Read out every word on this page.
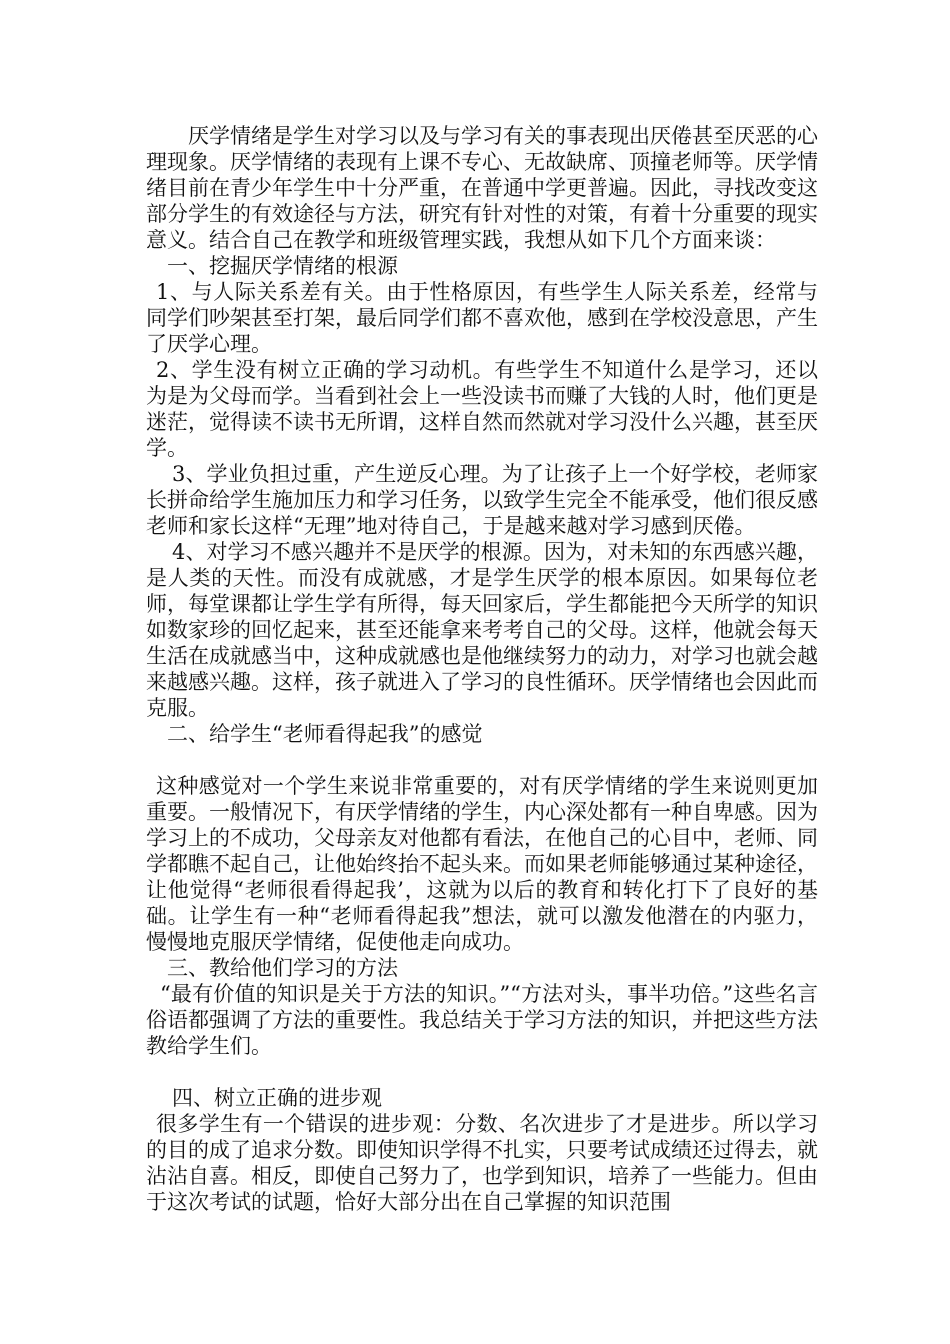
厌学情绪是学生对学习以及与学习有关的事表现出厌倦甚至厌恶的心理现象。厌学情绪的表现有上课不专心、无故缺席、顶撞老师等。厌学情绪目前在青少年学生中十分严重，在普通中学更普遍。因此，寻找改变这部分学生的有效途径与方法，研究有针对性的对策，有着十分重要的现实意义。结合自己在教学和班级管理实践，我想从如下几个方面来谈：

一、挖掘厌学情绪的根源

1、与人际关系差有关。由于性格原因，有些学生人际关系差，经常与同学们吵架甚至打架，最后同学们都不喜欢他，感到在学校没意思，产生了厌学心理。

2、学生没有树立正确的学习动机。有些学生不知道什么是学习，还以为是为父母而学。当看到社会上一些没读书而赚了大钱的人时，他们更是迷茫，觉得读不读书无所谓，这样自然而然就对学习没什么兴趣，甚至厌学。

3、学业负担过重，产生逆反心理。为了让孩子上一个好学校，老师家长拼命给学生施加压力和学习任务，以致学生完全不能承受，他们很反感老师和家长这样“无理”地对待自己，于是越来越对学习感到厌倦。

4、对学习不感兴趣并不是厌学的根源。因为，对未知的东西感兴趣，是人类的天性。而没有成就感，才是学生厌学的根本原因。如果每位老师，每堂课都让学生学有所得，每天回家后，学生都能把今天所学的知识如数家珍的回忆起来，甚至还能拿来考考自己的父母。这样，他就会每天生活在成就感当中，这种成就感也是他继续努力的动力，对学习也就会越来越感兴趣。这样，孩子就进入了学习的良性循环。厌学情绪也会因此而克服。

二、给学生“老师看得起我”的感觉

这种感觉对一个学生来说非常重要的，对有厌学情绪的学生来说则更加重要。一般情况下，有厌学情绪的学生，内心深处都有一种自卑感。因为学习上的不成功，父母亲友对他都有看法，在他自己的心目中，老师、同学都瞧不起自己，让他始终抬不起头来。而如果老师能够通过某种途径，让他觉得“老师很看得起我’，这就为以后的教育和转化打下了良好的基础。让学生有一种“老师看得起我”想法，就可以激发他潜在的内驱力，慢慢地克服厌学情绪，促使他走向成功。

三、教给他们学习的方法

“最有价值的知识是关于方法的知识。”“方法对头，事半功倍。”这些名言俗语都强调了方法的重要性。我总结关于学习方法的知识，并把这些方法教给学生们。

四、树立正确的进步观

很多学生有一个错误的进步观：分数、名次进步了才是进步。所以学习的目的成了追求分数。即使知识学得不扎实，只要考试成绩还过得去，就沾沾自喜。相反，即使自己努力了，也学到知识，培养了一些能力。但由于这次考试的试题，恰好大部分出在自己掌握的知识范围
